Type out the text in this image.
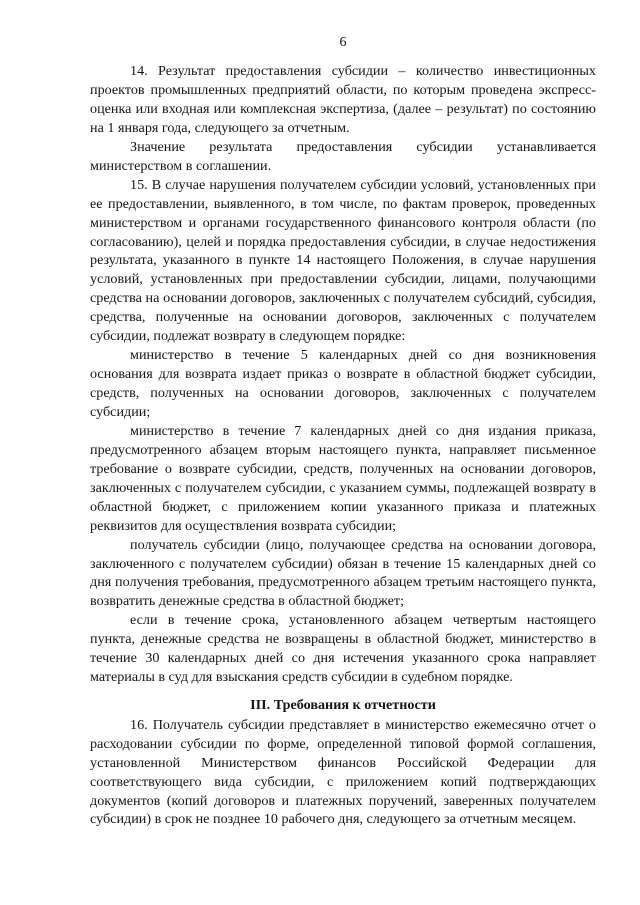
6

14. Результат предоставления субсидии – количество инвестиционных проектов промышленных предприятий области, по которым проведена экспресс-оценка или входная или комплексная экспертиза, (далее – результат) по состоянию на 1 января года, следующего за отчетным.

Значение результата предоставления субсидии устанавливается министерством в соглашении.

15. В случае нарушения получателем субсидии условий, установленных при ее предоставлении, выявленного, в том числе, по фактам проверок, проведенных министерством и органами государственного финансового контроля области (по согласованию), целей и порядка предоставления субсидии, в случае недостижения результата, указанного в пункте 14 настоящего Положения, в случае нарушения условий, установленных при предоставлении субсидии, лицами, получающими средства на основании договоров, заключенных с получателем субсидий, субсидия, средства, полученные на основании договоров, заключенных с получателем субсидии, подлежат возврату в следующем порядке:

министерство в течение 5 календарных дней со дня возникновения основания для возврата издает приказ о возврате в областной бюджет субсидии, средств, полученных на основании договоров, заключенных с получателем субсидии;

министерство в течение 7 календарных дней со дня издания приказа, предусмотренного абзацем вторым настоящего пункта, направляет письменное требование о возврате субсидии, средств, полученных на основании договоров, заключенных с получателем субсидии, с указанием суммы, подлежащей возврату в областной бюджет, с приложением копии указанного приказа и платежных реквизитов для осуществления возврата субсидии;

получатель субсидии (лицо, получающее средства на основании договора, заключенного с получателем субсидии) обязан в течение 15 календарных дней со дня получения требования, предусмотренного абзацем третьим настоящего пункта, возвратить денежные средства в областной бюджет;

если в течение срока, установленного абзацем четвертым настоящего пункта, денежные средства не возвращены в областной бюджет, министерство в течение 30 календарных дней со дня истечения указанного срока направляет материалы в суд для взыскания средств субсидии в судебном порядке.

III. Требования к отчетности

16. Получатель субсидии представляет в министерство ежемесячно отчет о расходовании субсидии по форме, определенной типовой формой соглашения, установленной Министерством финансов Российской Федерации для соответствующего вида субсидии, с приложением копий подтверждающих документов (копий договоров и платежных поручений, заверенных получателем субсидии) в срок не позднее 10 рабочего дня, следующего за отчетным месяцем.
